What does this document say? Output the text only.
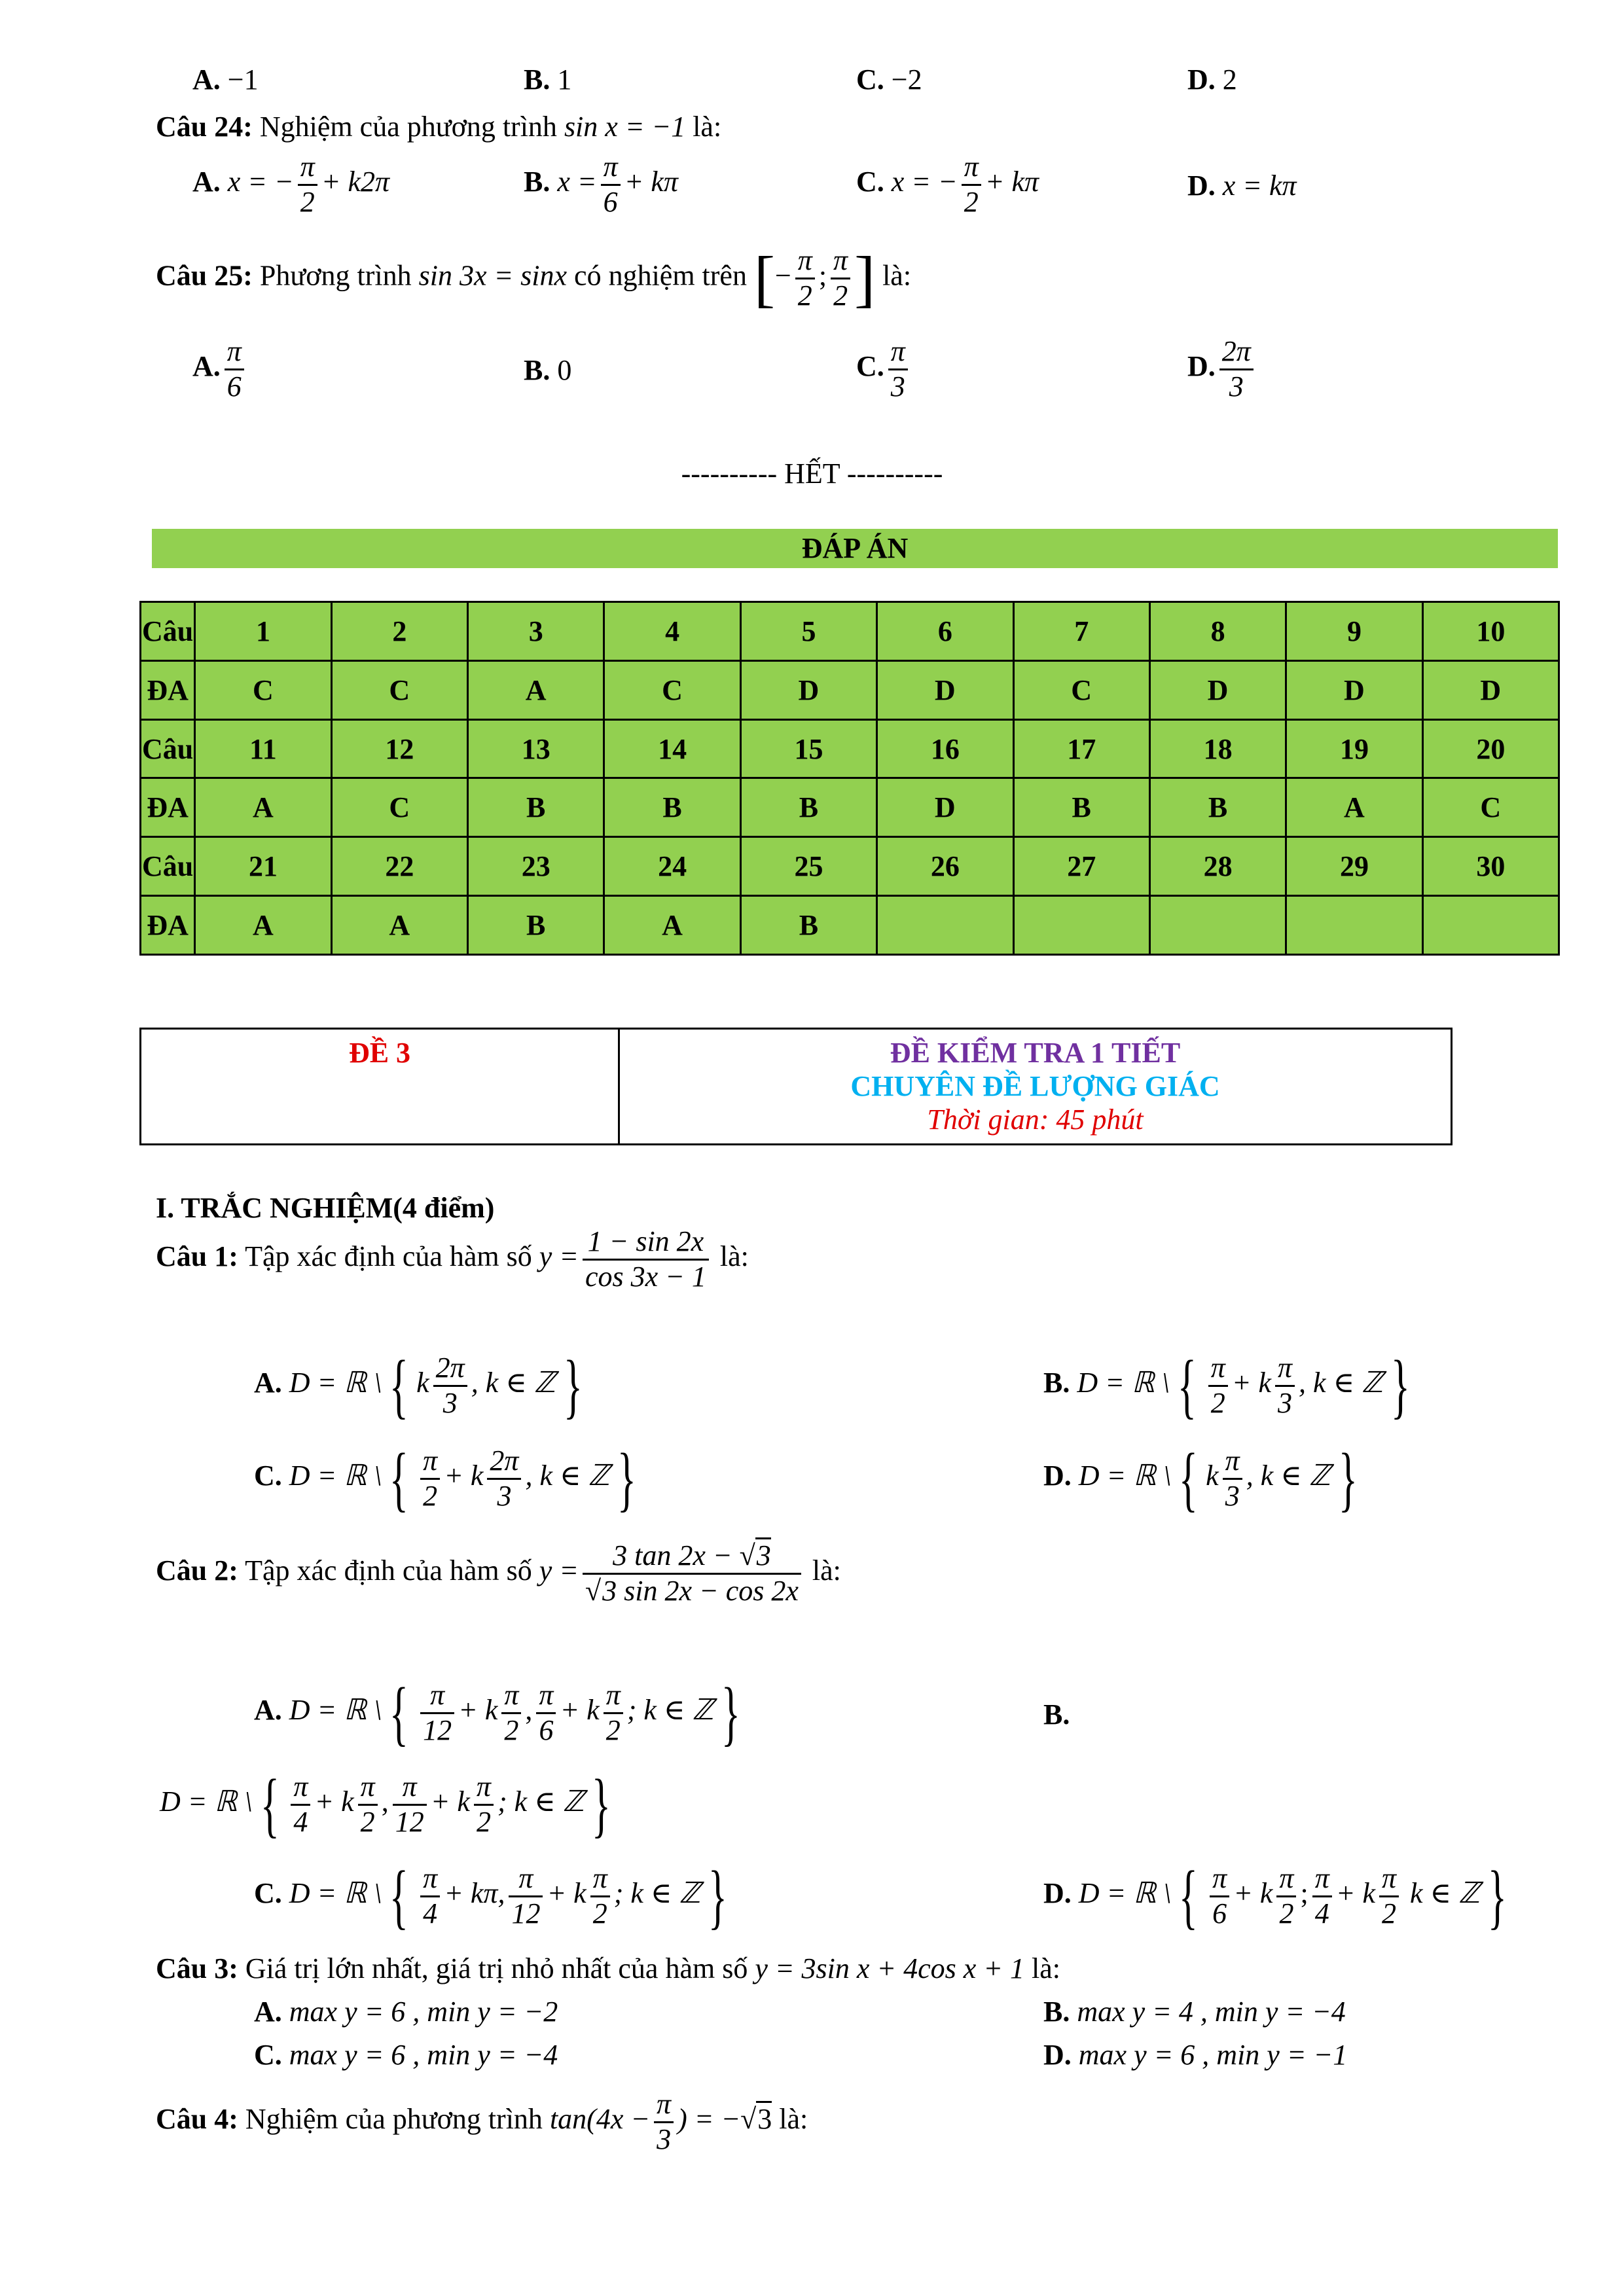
A. −1	B. 1	C. −2	D. 2
Câu 24: Nghiệm của phương trình sin x = −1 là:
A. x = − $\frac{\pi}{2} + k2\pi$	B. $x = \frac{\pi}{6} + k\pi$	C. x = − $\frac{\pi}{2} + k\pi$	D. x = kπ
Câu 25: Phương trình sin 3x = sinx có nghiệm trên [− $\frac{\pi}{2}$ ; $\frac{\pi}{2}$ ] là:
A. $\frac{\pi}{6}$	B. 0	C. $\frac{\pi}{3}$	D. $\frac{2\pi}{3}$
---------- HẾT ----------
ĐÁP ÁN
Câu	1	2	3	4	5	6	7	8	9	10
ĐA	C	C	A	C	D	D	C	D	D	D
Câu	11	12	13	14	15	16	17	18	19	20
ĐA	A	C	B	B	B	D	B	B	A	C
Câu	21	22	23	24	25	26	27	28	29	30
ĐA	A	A	B	A	B					
ĐỀ 3	ĐỀ KIỂM TRA 1 TIẾT
CHUYÊN ĐỀ LƯỢNG GIÁC
Thời gian: 45 phút
I. TRẮC NGHIỆM(4 điểm)
Câu 1: Tập xác định của hàm số $y = \frac{1 - \sin 2x}{\cos 3x - 1}$ là:
A. D = ℝ \ { k $\frac{2\pi}{3}$ , k ∈ ℤ }	B. D = ℝ \ { $\frac{\pi}{2} + k \frac{\pi}{3}$ , k ∈ ℤ }
C. D = ℝ \ { $\frac{\pi}{2} + k \frac{2\pi}{3}$ , k ∈ ℤ }	D. D = ℝ \ { k $\frac{\pi}{3}$ , k ∈ ℤ }
Câu 2: Tập xác định của hàm số $y = \frac{3 \tan 2x - √3}{√3 \sin 2x - \cos 2x}$ là:
A. D = ℝ \ { $\frac{\pi}{12} + k \frac{\pi}{2}$ , $\frac{\pi}{6} + k \frac{\pi}{2}$ ; k ∈ ℤ }	B.
D = ℝ \ { $\frac{\pi}{4} + k \frac{\pi}{2}$ , $\frac{\pi}{12} + k \frac{\pi}{2}$ ; k ∈ ℤ }
C. D = ℝ \ { $\frac{\pi}{4} + k\pi$, $\frac{\pi}{12} + k \frac{\pi}{2}$ ; k ∈ ℤ }	D. D = ℝ \ { $\frac{\pi}{6} + k \frac{\pi}{2}$ ; $\frac{\pi}{4} + k \frac{\pi}{2}$ k ∈ ℤ }
Câu 3: Giá trị lớn nhất, giá trị nhỏ nhất của hàm số y = 3sin x + 4cos x + 1 là:
A. max y = 6 , min y = −2	B. max y = 4 , min y = −4
C. max y = 6 , min y = −4	D. max y = 6 , min y = −1
Câu 4: Nghiệm của phương trình $\tan(4x - \frac{\pi}{3}$ ) = −√3 là:
